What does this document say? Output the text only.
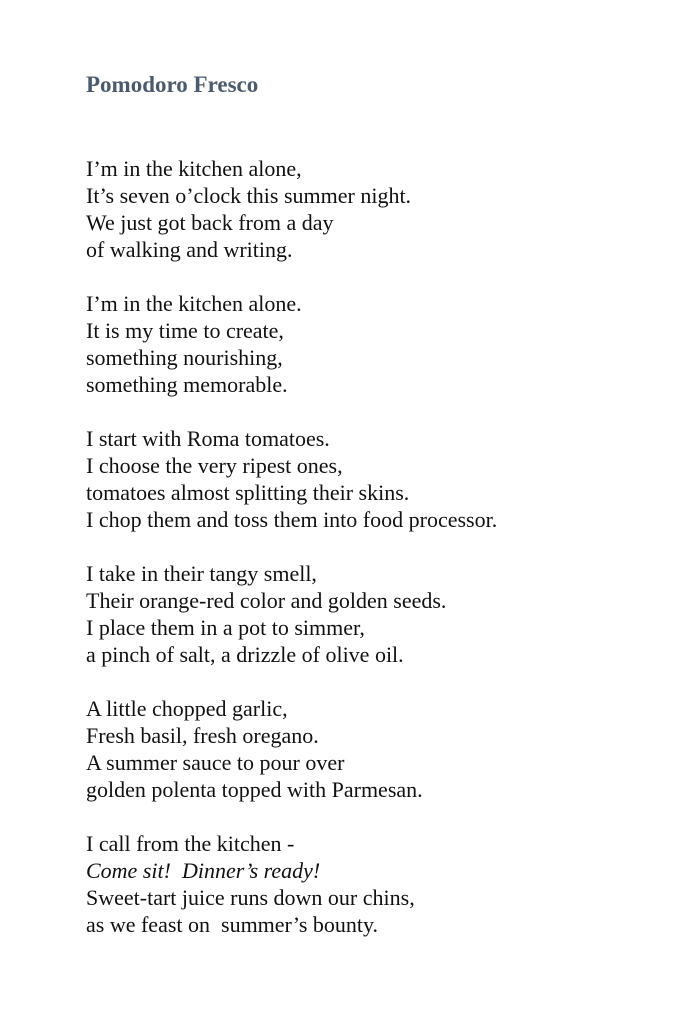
Pomodoro Fresco
I’m in the kitchen alone,
It’s seven o’clock this summer night.
We just got back from a day
of walking and writing.
I’m in the kitchen alone.
It is my time to create,
something nourishing,
something memorable.
I start with Roma tomatoes.
I choose the very ripest ones,
tomatoes almost splitting their skins.
I chop them and toss them into food processor.
I take in their tangy smell,
Their orange-red color and golden seeds.
I place them in a pot to simmer,
a pinch of salt, a drizzle of olive oil.
A little chopped garlic,
Fresh basil, fresh oregano.
A summer sauce to pour over
golden polenta topped with Parmesan.
I call from the kitchen -
Come sit!  Dinner’s ready!
Sweet-tart juice runs down our chins,
as we feast on  summer’s bounty.
